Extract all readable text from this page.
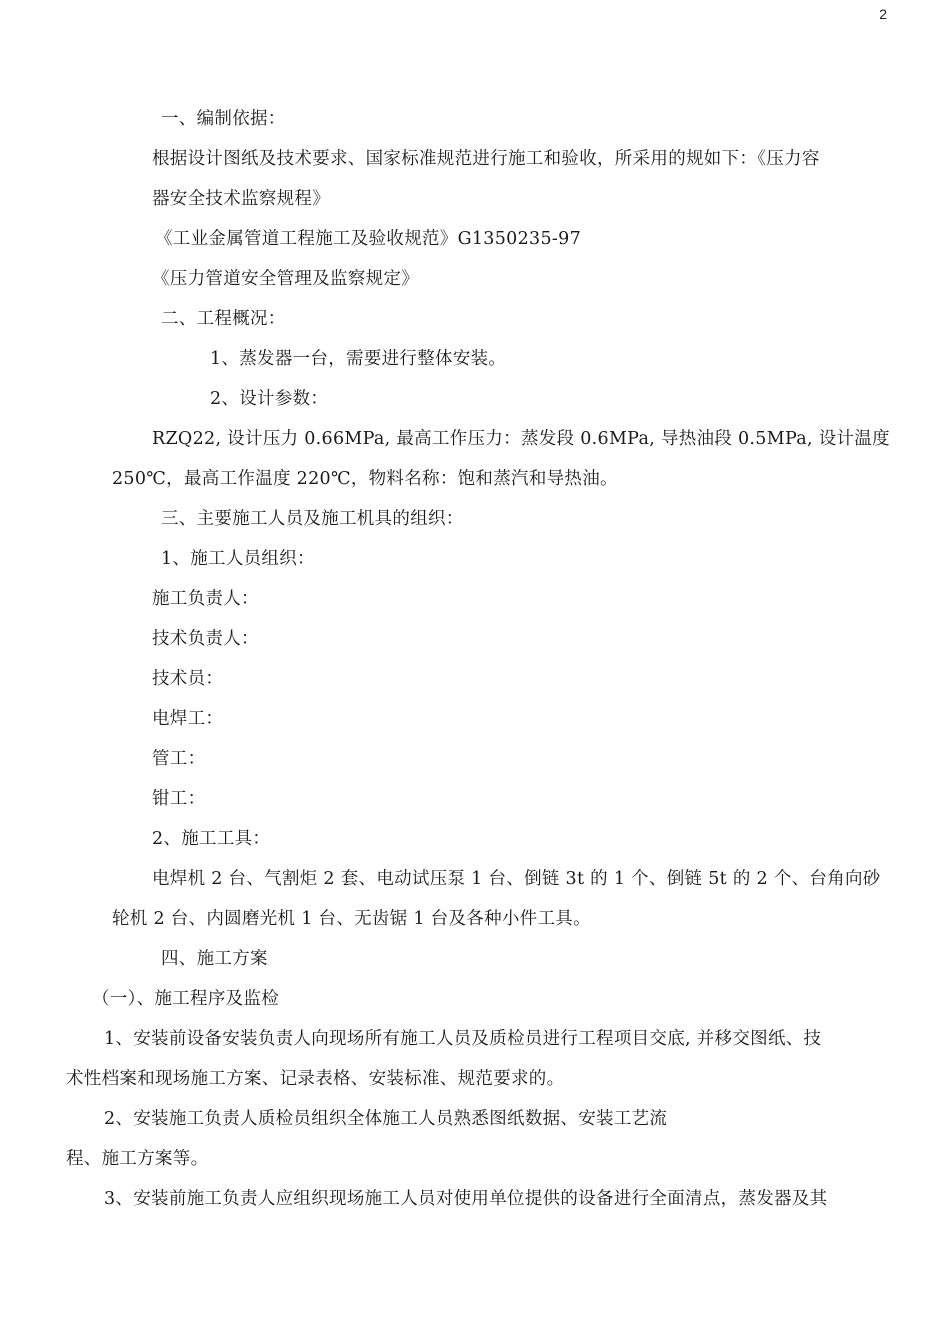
2
一、编制依据：
根据设计图纸及技术要求、国家标准规范进行施工和验收，所采用的规如下：《压力容
器安全技术监察规程》
《工业金属管道工程施工及验收规范》G1350235-97
《压力管道安全管理及监察规定》
二、工程概况：
1、蒸发器一台，需要进行整体安装。
2、设计参数：
RZQ22, 设计压力 0.66MPa, 最高工作压力：蒸发段 0.6MPa, 导热油段 0.5MPa, 设计温度
250℃，最高工作温度 220℃，物料名称：饱和蒸汽和导热油。
三、主要施工人员及施工机具的组织：
1、施工人员组织：
施工负责人：
技术负责人：
技术员：
电焊工：
管工：
钳工：
2、施工工具：
电焊机 2 台、气割炬 2 套、电动试压泵 1 台、倒链 3t 的 1 个、倒链 5t 的 2 个、台角向砂
轮机 2 台、内圆磨光机 1 台、无齿锯 1 台及各种小件工具。
四、施工方案
（一）、施工程序及监检
1、安装前设备安装负责人向现场所有施工人员及质检员进行工程项目交底, 并移交图纸、技
术性档案和现场施工方案、记录表格、安装标准、规范要求的。
2、安装施工负责人质检员组织全体施工人员熟悉图纸数据、安装工艺流
程、施工方案等。
3、安装前施工负责人应组织现场施工人员对使用单位提供的设备进行全面清点，蒸发器及其
